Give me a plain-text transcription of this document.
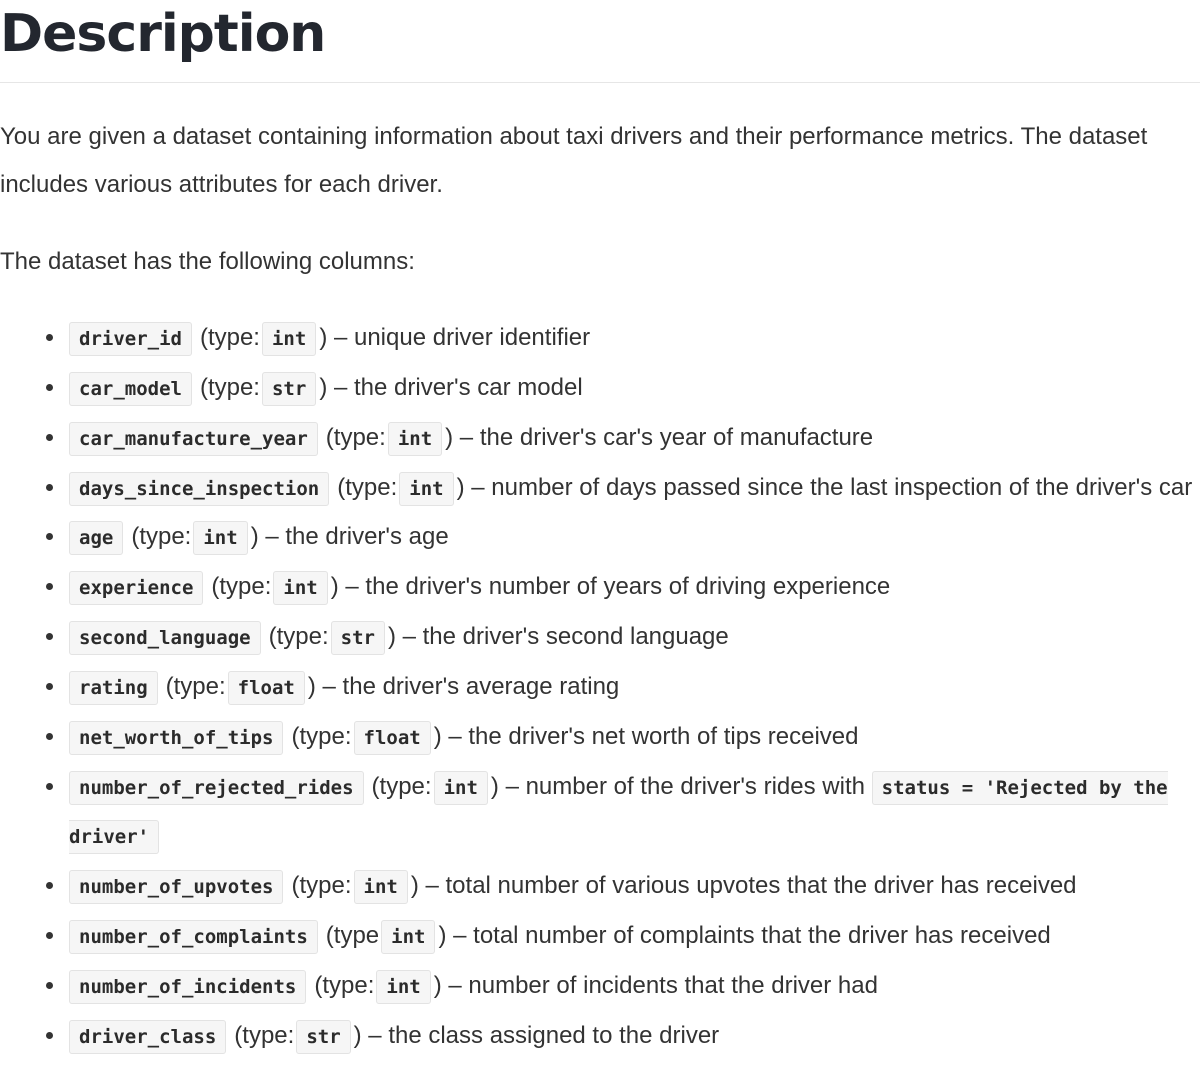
Description

You are given a dataset containing information about taxi drivers and their performance metrics. The dataset includes various attributes for each driver.

The dataset has the following columns:

driver_id (type: int ) – unique driver identifier
car_model (type: str ) – the driver's car model
car_manufacture_year (type: int ) – the driver's car's year of manufacture
days_since_inspection (type: int ) – number of days passed since the last inspection of the driver's car
age (type: int ) – the driver's age
experience (type: int ) – the driver's number of years of driving experience
second_language (type: str ) – the driver's second language
rating (type: float ) – the driver's average rating
net_worth_of_tips (type: float ) – the driver's net worth of tips received
number_of_rejected_rides (type: int ) – number of the driver's rides with status = 'Rejected by the driver'
number_of_upvotes (type: int ) – total number of various upvotes that the driver has received
number_of_complaints (type int ) – total number of complaints that the driver has received
number_of_incidents (type: int ) – number of incidents that the driver had
driver_class (type: str ) – the class assigned to the driver
